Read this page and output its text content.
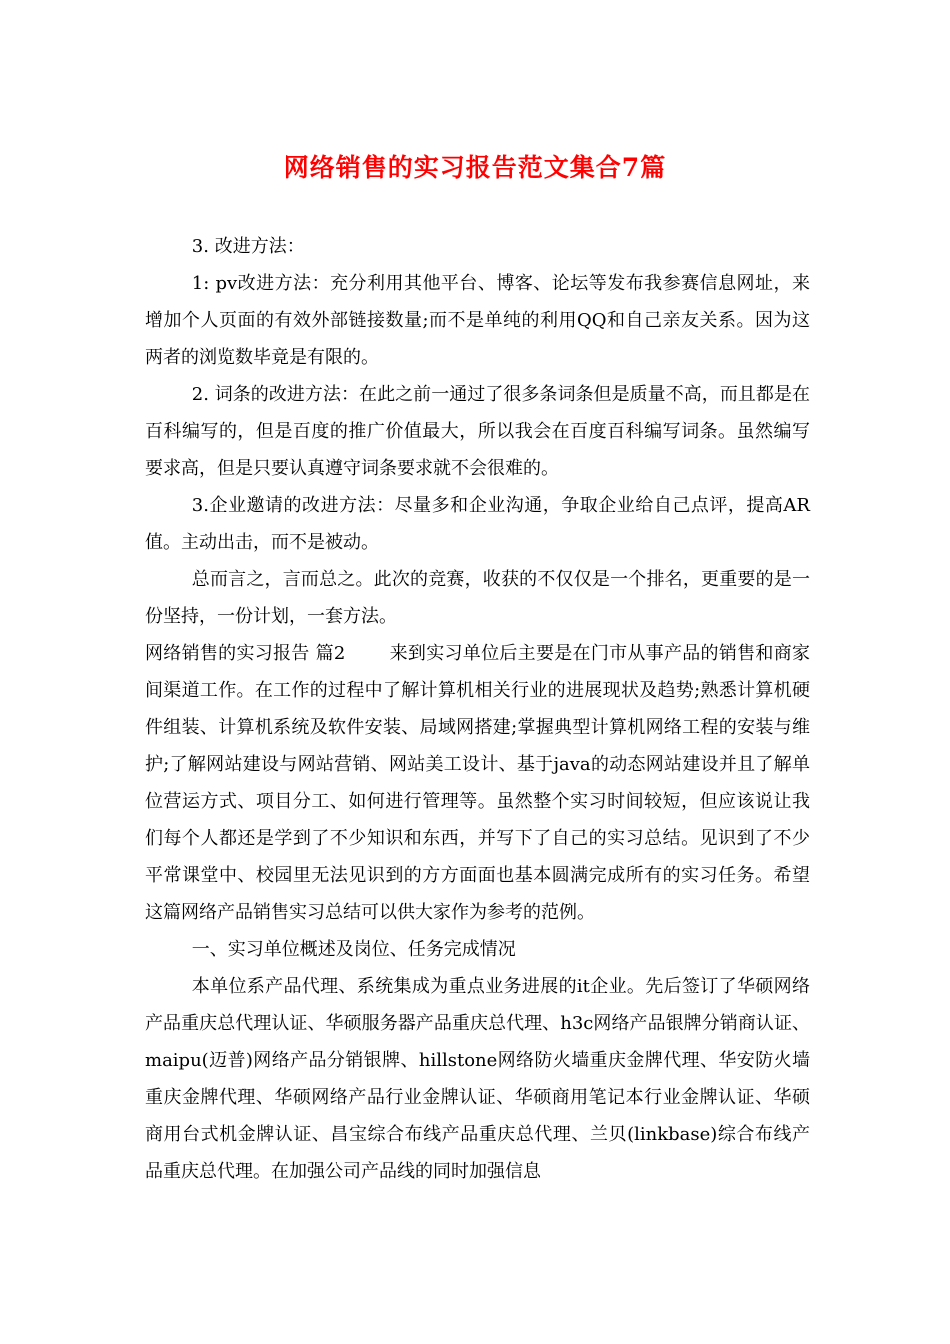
网络销售的实习报告范文集合7篇

3. 改进方法：

1: pv改进方法：充分利用其他平台、博客、论坛等发布我参赛信息网址，来增加个人页面的有效外部链接数量;而不是单纯的利用QQ和自己亲友关系。因为这两者的浏览数毕竟是有限的。

2. 词条的改进方法：在此之前一通过了很多条词条但是质量不高，而且都是在百科编写的，但是百度的推广价值最大，所以我会在百度百科编写词条。虽然编写要求高，但是只要认真遵守词条要求就不会很难的。

3.企业邀请的改进方法：尽量多和企业沟通，争取企业给自己点评，提高AR值。主动出击，而不是被动。

总而言之，言而总之。此次的竞赛，收获的不仅仅是一个排名，更重要的是一份坚持，一份计划，一套方法。

网络销售的实习报告 篇2 来到实习单位后主要是在门市从事产品的销售和商家间渠道工作。在工作的过程中了解计算机相关行业的进展现状及趋势;熟悉计算机硬件组装、计算机系统及软件安装、局域网搭建;掌握典型计算机网络工程的安装与维护;了解网站建设与网站营销、网站美工设计、基于java的动态网站建设并且了解单位营运方式、项目分工、如何进行管理等。虽然整个实习时间较短，但应该说让我们每个人都还是学到了不少知识和东西，并写下了自己的实习总结。见识到了不少平常课堂中、校园里无法见识到的方方面面也基本圆满完成所有的实习任务。希望这篇网络产品销售实习总结可以供大家作为参考的范例。

一、实习单位概述及岗位、任务完成情况

本单位系产品代理、系统集成为重点业务进展的it企业。先后签订了华硕网络产品重庆总代理认证、华硕服务器产品重庆总代理、h3c网络产品银牌分销商认证、maipu(迈普)网络产品分销银牌、hillstone网络防火墙重庆金牌代理、华安防火墙重庆金牌代理、华硕网络产品行业金牌认证、华硕商用笔记本行业金牌认证、华硕商用台式机金牌认证、昌宝综合布线产品重庆总代理、兰贝(linkbase)综合布线产品重庆总代理。在加强公司产品线的同时加强信息
